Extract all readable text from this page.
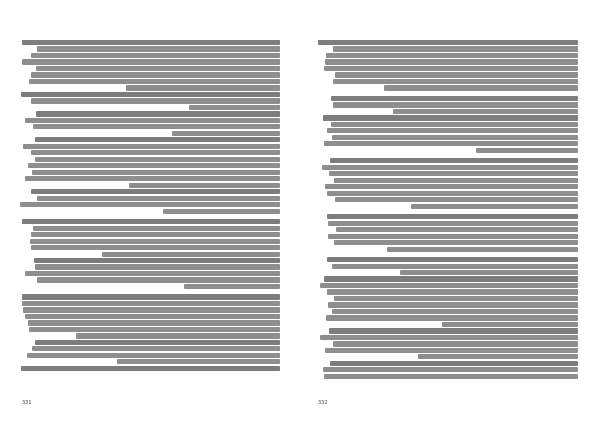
331	332
